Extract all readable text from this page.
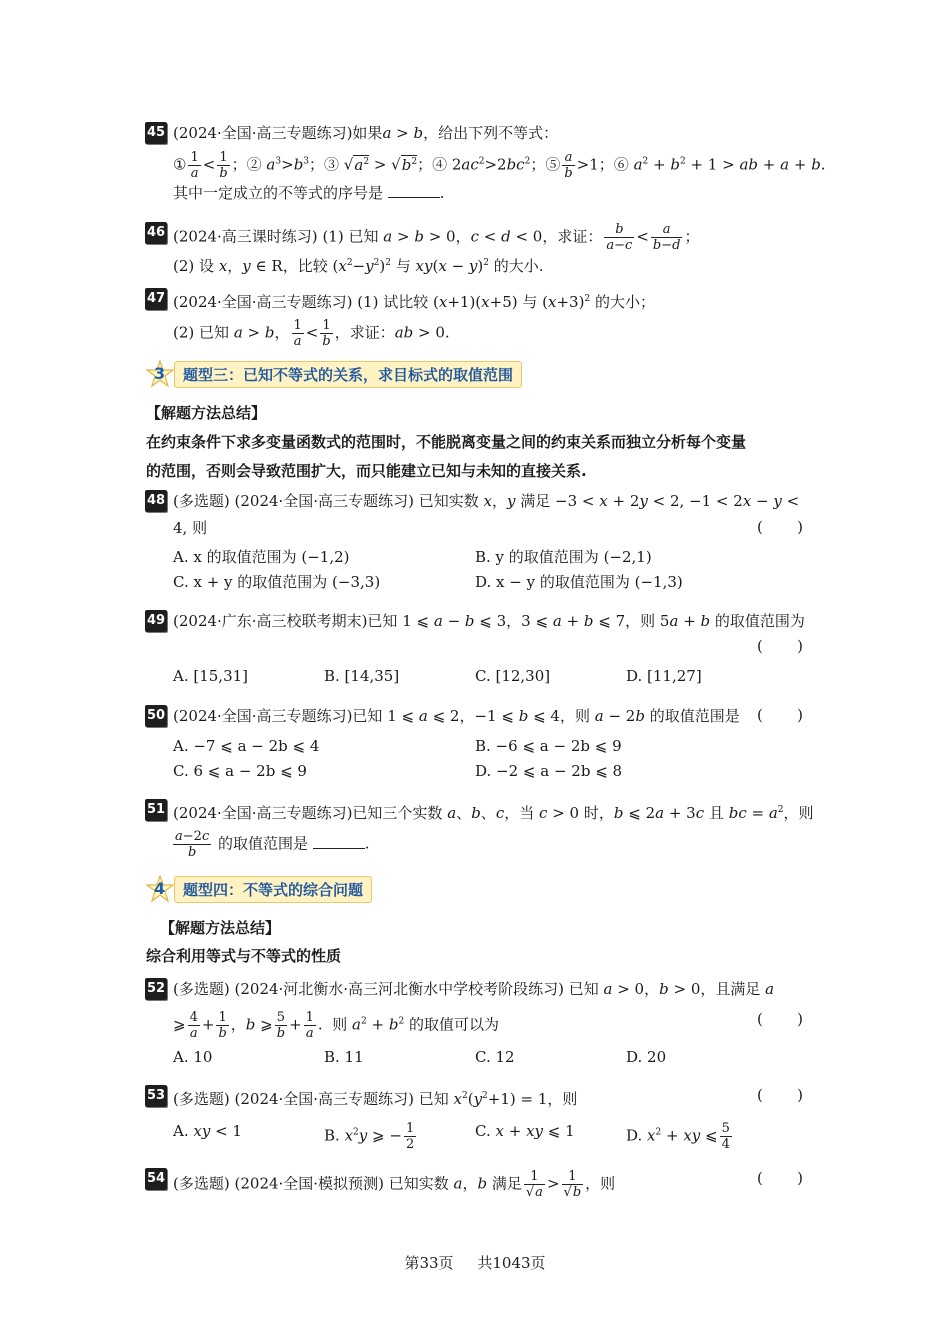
45 (2024·全国·高三专题练习)如果a > b，给出下列不等式：
① $\frac{1}{a} < \frac{1}{b}$ ；② $a^3>b^3$；③ $√a^2 > √b^2$；④ $2ac^2>2bc^2$；⑤ $\frac{a}{b} >1$；⑥ $a^2 + b^2 + 1$ > ab + a + b.
其中一定成立的不等式的序号是	.
46 (2024·高三课时练习) (1) 已知 a > b > 0，c < d < 0，求证： $\frac{b}{a-c} < \frac{a}{b-d}$ ；
(2) 设 x，y ∈ R，比较 $(x^2-y^2)^2$ 与 $xy(x - y)^2$ 的大小.
47 (2024·全国·高三专题练习) (1) 试比较 (x+1)(x+5) 与 $(x+3)^2$ 的大小；
(2) 已知 a > b， $\frac{1}{a} < \frac{1}{b}$ ，求证：ab > 0.
3	题型三：已知不等式的关系，求目标式的取值范围
【解题方法总结】
在约束条件下求多变量函数式的范围时，不能脱离变量之间的约束关系而独立分析每个变量
的范围，否则会导致范围扩大，而只能建立已知与未知的直接关系.
48 (多选题) (2024·全国·高三专题练习) 已知实数 x，y 满足 −3 < x + 2y < 2, −1 < 2x − y <
4, 则	( )
A. x 的取值范围为 (−1,2)	B. y 的取值范围为 (−2,1)
C. x + y 的取值范围为 (−3,3)	D. x − y 的取值范围为 (−1,3)
49 (2024·广东·高三校联考期末)已知 1 ⩽ a − b ⩽ 3，3 ⩽ a + b ⩽ 7，则 5a + b 的取值范围为
( )
A. [15,31]	B. [14,35]	C. [12,30]	D. [11,27]
50 (2024·全国·高三专题练习)已知 1 ⩽ a ⩽ 2，−1 ⩽ b ⩽ 4，则 a − 2b 的取值范围是 ( )
A. −7 ⩽ a − 2b ⩽ 4	B. −6 ⩽ a − 2b ⩽ 9
C. 6 ⩽ a − 2b ⩽ 9	D. −2 ⩽ a − 2b ⩽ 8
51 (2024·全国·高三专题练习)已知三个实数 a、b、c，当 c > 0 时，b ⩽ 2a + 3c 且 bc = $a^2$，则
$\frac{a-2c}{b}$ 的取值范围是	.
4	题型四：不等式的综合问题
【解题方法总结】
综合利用等式与不等式的性质
52 (多选题) (2024·河北衡水·高三河北衡水中学校考阶段练习) 已知 a > 0，b > 0，且满足 a
⩾ $\frac{4}{a} + \frac{1}{b}$ ，b ⩾ $\frac{5}{b} + \frac{1}{a}$ .  则 $a^2 + b^2$ 的取值可以为	( )
A. 10	B. 11	C. 12	D. 20
53 (多选题) (2024·全国·高三专题练习) 已知 $x^2(y^2+1) = 1$，则	( )
A. xy < 1	B. $x^2y$ ⩾ − $\frac{1}{2}$	C. x + xy ⩽ 1	D. $x^2$ + xy ⩽ $\frac{5}{4}$
54 (多选题) (2024·全国·模拟预测) 已知实数 a，b 满足 $\frac{1}{√a} > \frac{1}{√b}$ ，则	( )
第33页 共1043页
